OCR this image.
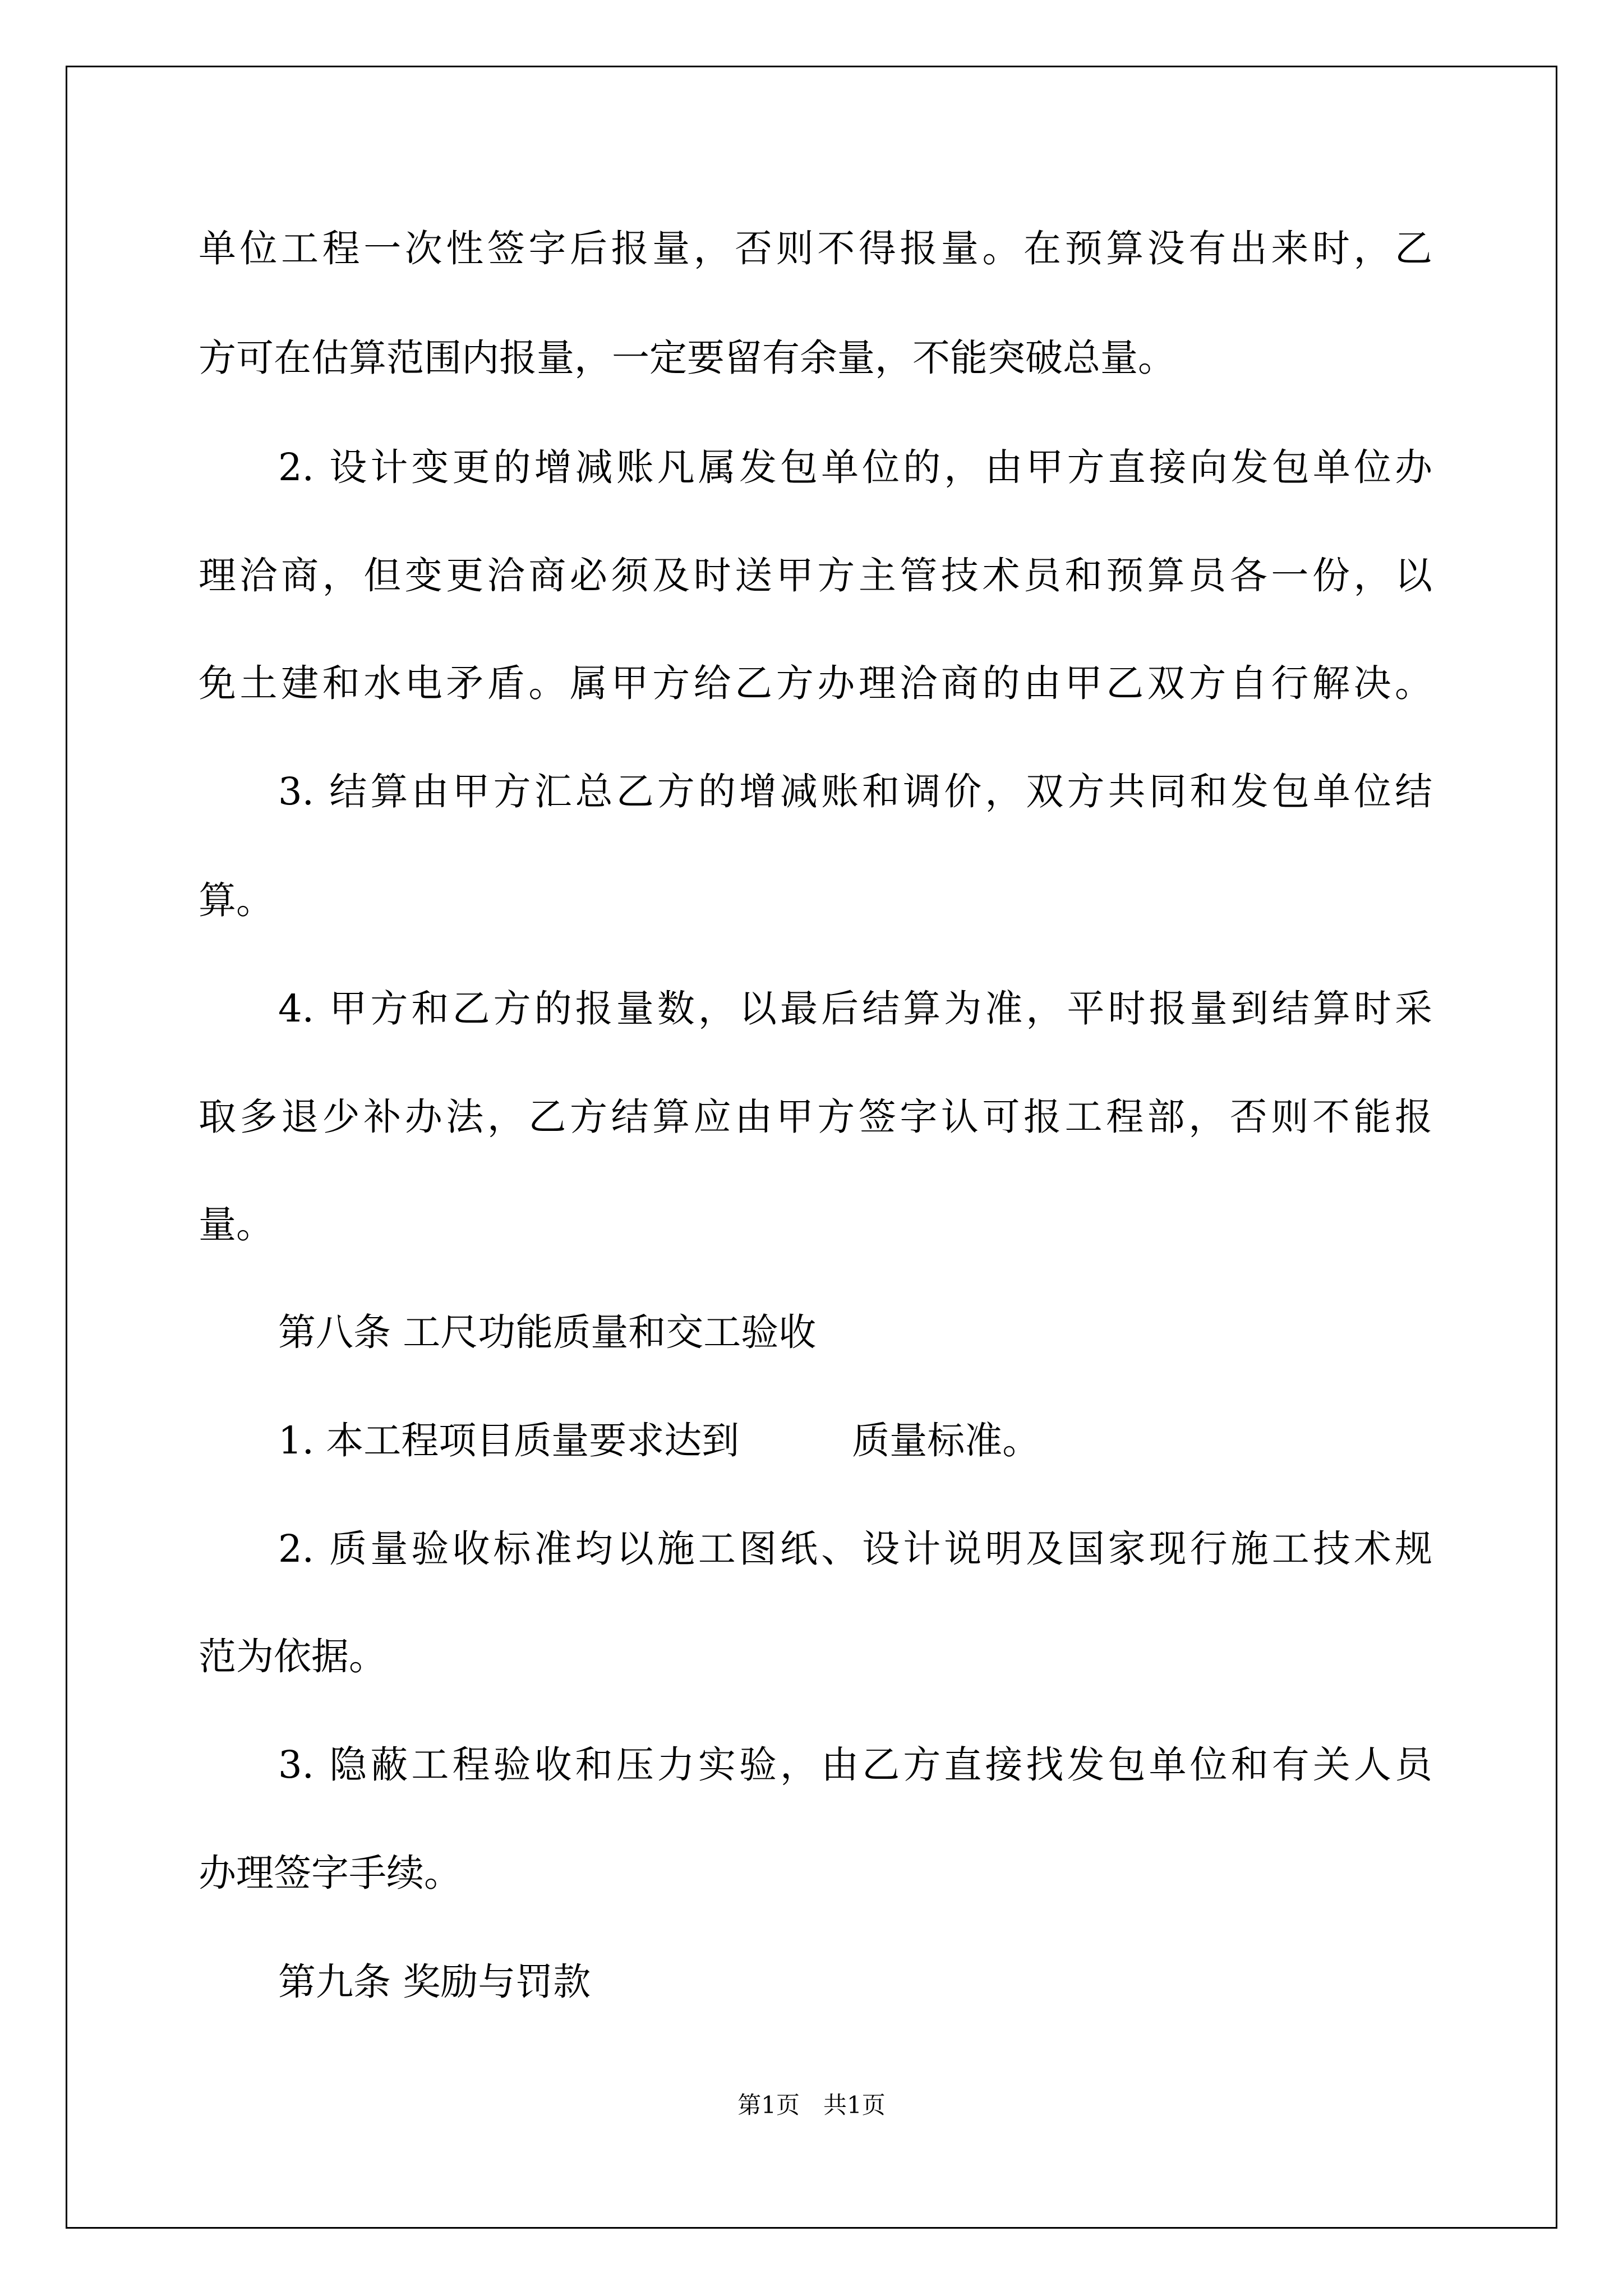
单位工程一次性签字后报量，否则不得报量。在预算没有出来时，乙
方可在估算范围内报量，一定要留有余量，不能突破总量。
2. 设计变更的增减账凡属发包单位的，由甲方直接向发包单位办
理洽商，但变更洽商必须及时送甲方主管技术员和预算员各一份，以
免土建和水电矛盾。属甲方给乙方办理洽商的由甲乙双方自行解决。
3. 结算由甲方汇总乙方的增减账和调价，双方共同和发包单位结
算。
4. 甲方和乙方的报量数，以最后结算为准，平时报量到结算时采
取多退少补办法，乙方结算应由甲方签字认可报工程部，否则不能报
量。
第八条 工尺功能质量和交工验收
1. 本工程项目质量要求达到　　　质量标准。
2. 质量验收标准均以施工图纸、设计说明及国家现行施工技术规
范为依据。
3. 隐蔽工程验收和压力实验，由乙方直接找发包单位和有关人员
办理签字手续。
第九条 奖励与罚款
第1页　共1页
